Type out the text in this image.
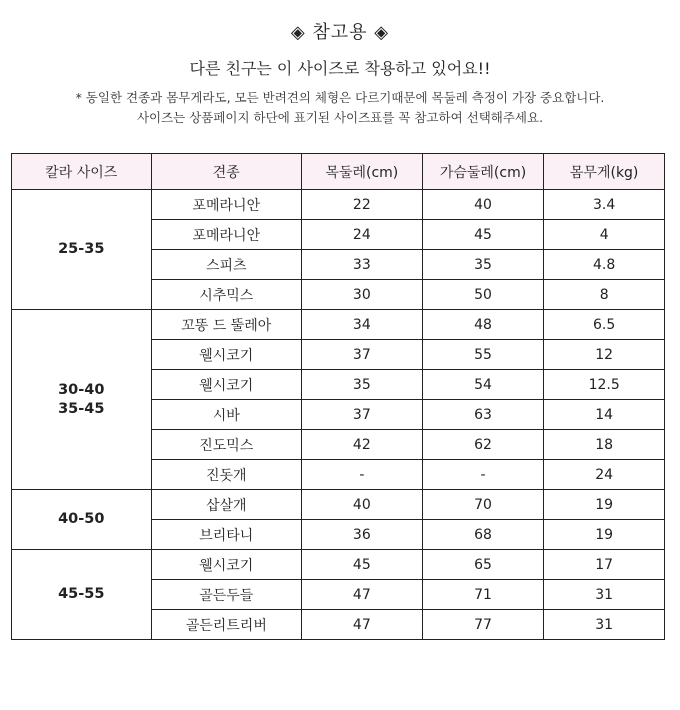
◈ 참고용 ◈
다른 친구는 이 사이즈로 착용하고 있어요!!
* 동일한 견종과 몸무게라도, 모든 반려견의 체형은 다르기때문에 목둘레 측정이 가장 중요합니다.
사이즈는 상품페이지 하단에 표기된 사이즈표를 꼭 참고하여 선택해주세요.
칼라 사이즈	견종	목둘레(cm)	가슴둘레(cm)	몸무게(kg)

25-35	포메라니안	22	40	3.4
	포메라니안	24	45	4
	스피츠	33	35	4.8
	시추믹스	30	50	8

30-40
35-45	꼬똥 드 뚤레아	34	48	6.5
	웰시코기	37	55	12
	웰시코기	35	54	12.5
	시바	37	63	14
	진도믹스	42	62	18
	진돗개	-	-	24

40-50	삽살개	40	70	19
	브리타니	36	68	19

45-55	웰시코기	45	65	17
	골든두들	47	71	31
	골든리트리버	47	77	31
